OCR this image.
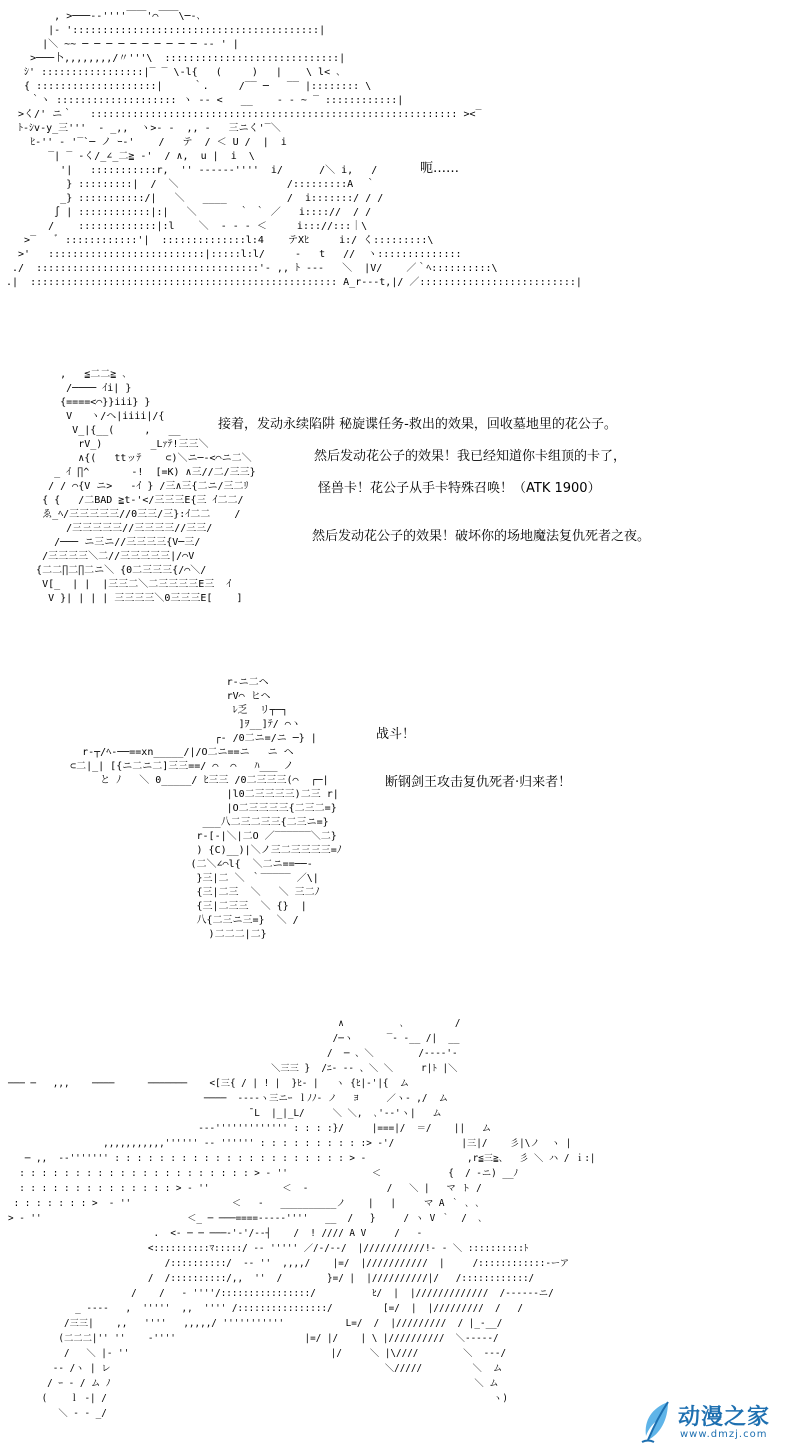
, >───‐‐''''￣￣'⌒￣￣\─‐､
|‐ ':::::::::::::::::::::::::::::::::::::::::|
|＼ ~~ ─ ─ ─ ─ ─ ─ ─ ─ ─ ─ ‐‐ ' |
>───卜,,,,,,,,/〃'''\  :::::::::::::::::::::::::::::|
ｼ' :::::::::::::::::|‾ ‾ \-l{   (     )   |    \ l< ､
{ ::::::::::::::::::::|     ｀.     /‾‾ ─   ‾‾ |:::::::: \
｀ヽ :::::::::::::::::::: ヽ ‐‐ <   __    ‐ ‐ ~ ‾ ::::::::::::|
>く/' ニ｀   ::::::::::::::::::::::::::::::::::::::::::::::::::::::::::::: ><‾
ﾄ‐ｼv‐y_三'''  ‐ _,,  ヽ>‐ ‐  ,, ‐   三ニく'‾＼
ﾋ‐'' ‐ '‾`─ ノ ｰ‐'    /   テ  / ＜ U /  |  i
‾| ‾ ‐く/_∠_二≧ ‐'  / ∧,  u |  i  \
'|   :::::::::::r,  '' ‐‐‐‐‐‐''''  i/      /＼ i,   /
} :::::::::|  /  ＼                  /:::::::::A  ｀
_} :::::::::::/|   ＼   ____          /  i:::::::/ / /
∫ | ::::::::::::|:|   ＼       ｀ ｀ ／   i:::://  / /
/    :::::::::::::|:l    ＼  ‐ ‐ ‐ ＜     i::://:::｜\
>‾   ﾞ ::::::::::::'|  ::::::::::::::l:4    テXﾋ     i:/ く:::::::::\
>'   ::::::::::::::::::::::::::|:::::l:l/     ‐   t   //  ヽ::::::::::::::
./  :::::::::::::::::::::::::::::::::::::'‐ ,, ﾄ ‐‐‐   ＼  |V/    ／｀ﾍ::::::::::\
.|  ::::::::::::::::::::::::::::::::::::::::::::::::::: A_r‐‐‐t,|/ ／::::::::::::::::::::::::::|
呃……
,   ≦二二≧ ､
/──── ｲi| }
{====<⌒}}iii} }
V   ヽ/ヘ|iiii|/{
V_|{__(     ,   __
rV_)        _Lｧﾃ!三三＼
∧{(   ttッﾃ    ⊂)＼ニ─‐<⌒ニ二＼
_ ｲ ∏^       ‐!  [=K) ∧三//二/三三}
/ / ⌒{V ニ>   ‐ｲ } /三∧三{二ニ/三二ﾘ
{ {   /二BAD ≧t‐'</三三三E{三 ｲ二二/
ゑ_ﾍ/三三三三三//0三三/三}:ｲ二二    /
/三三三三三//三三三三//三三/
/─── ニ三ニ//三三三三{V─三/
/三三三三＼二//三三三三三|/⌒V
{二二∏二∏二ニ＼ {0二三三三{/⌒＼/
V[_  | |  |三三二＼二三三三三E三  ｲ
V }| | | | 三三三三＼0三三三E[    ]
接着，发动永续陷阱 秘旋谍任务-救出的效果，回收墓地里的花公子。
然后发动花公子的效果！我已经知道你卡组顶的卡了，
怪兽卡！花公子从手卡特殊召唤！（ATK 1900）
然后发动花公子的效果！破坏你的场地魔法复仇死者之夜。
r‐ニ二ヘ
rV⌒ ヒヘ
ﾚ乏  リ┬─┐
]ｦ__]ﾃ/ ⌒ヽ
┌‐ /0二ニ=/ニ ─} |
r‐┬/ﾍ‐──==xn_____/|/O二ニ==ニ   ニ ヘ
⊂二|_| [{ニ二ニ二]三三==/ ⌒  ⌒   ﾊ___ ノ
と ﾉ   ＼ 0_____/ ﾋ三三 /0二三三三(⌒  ┌─|
|l0二三三三三)二三 r|
|O二三三三三{二三二=}
___八二三二三三{二三ニ=}
r‐[-|＼|二O ／‾‾‾‾‾‾＼二}
) {C)__)|＼ノ三二三三三三=ﾉ
(二＼∠⌒l{  ＼二ニ==──‐
}三|二 ＼ ｀‾‾‾‾‾ ／\|
{三|二三  ＼   ＼ 三二ﾉ
{三|二三三  ＼ {}  |
八{二三ニ三=}  ＼ /
)二二二|二}
战斗！
断钢剑王攻击复仇死者·归来者！
∧          ､         /
/─ヽ      ‾- ‐__ /|  __
/  ─ 、＼        /‐‐‐‐'‐
＼三三 }  /ﾆ- ‐‐ 、＼ ＼     r|ﾄ |＼
─── ─   ,,,    ────      ───────    <[三{ / | ! |  }ﾋ‐ |   ヽ {ﾋ|‐'|{  ム
────  ‐‐‐‐ヽ三ニｰ ｌﾉﾉ‐ ノ   ﾖ     ／ヽ‐ ,/  ム
̄ L  |_|_L/     ＼ ＼,  ､'‐‐'ヽ|   ム
‐‐‐''''''''''''' : : : :}/     |===|/  ＝/    ||   ム
,,,,,,,,,,,'''''' ‐‐ '''''' : : : : : : : : : :> ‐'/            |三|/    彡|\ノ  ヽ |
─ ,,  ‐‐''''''' : : : : : : : : : : : : : : : : : : : : : > ‐                  ,r≦三≧、  彡 ＼ ハ / ｉ:|
: : : : : : : : : : : : : : : : : : : : : > ‐ ''               ＜            {  / -ニ) __ﾉ
: : : : : : : : : : : : : : > ‐ ''             ＜  ‐              /   ＼ |   マ ト /
: : : : : : : >  ‐ ''                  ＜   ‐   __________ノ    |   |     マ A ｀ ､ ､
> ‐ ''                          ＜_ ─ ───====‐‐‐‐‐''''   __  /   }     / ヽ V ｀  /  ､
.  <‐ ─ ─ ───‐'‐'/‐‐┤    /  ! //// A V     /   ‐
<::::::::::ﾏ:::::/ ‐‐ ''''' ／/‐/‐‐/  |///////////!‐ ‐ ＼ ::::::::::ﾄ
/::::::::::/  -‐ ''  ,,,,/    |=/  |///////////  |     /::::::::::::‐ーア
/  /::::::::::/,,  ''  /        }=/ |  |//////////|/   /::::::::::::/
/    /   ‐ ''''/::::::::::::::::/          ﾋ/  |  |/////////////  /‐‐‐‐‐‐ニ/
_ ‐‐‐‐   ,  '''''  ,,  '''' /::::::::::::::::/         [=/  |  |/////////  /   /
/三三|    ,,   ''''   ,,,,,/ '''''''''''           L=/  /  |/////////  / |_‐__/
(二二二|'' ''    ‐''''                       |=/ |/    | \ |//////////  ＼‐‐‐‐‐/
/   ＼ |‐ ''                                    |/     ＼ |\////        ＼  ‐‐‐/
‐‐ /ヽ | レ                                                 ＼/////         ＼  ム
/ ｰ ‐ / ム ﾉ                                                                 ＼ ム
(    ｌ ‐| /                                                                     ヽ)
＼ ‐ ‐ _/	动漫之家
www.dmzj.com
